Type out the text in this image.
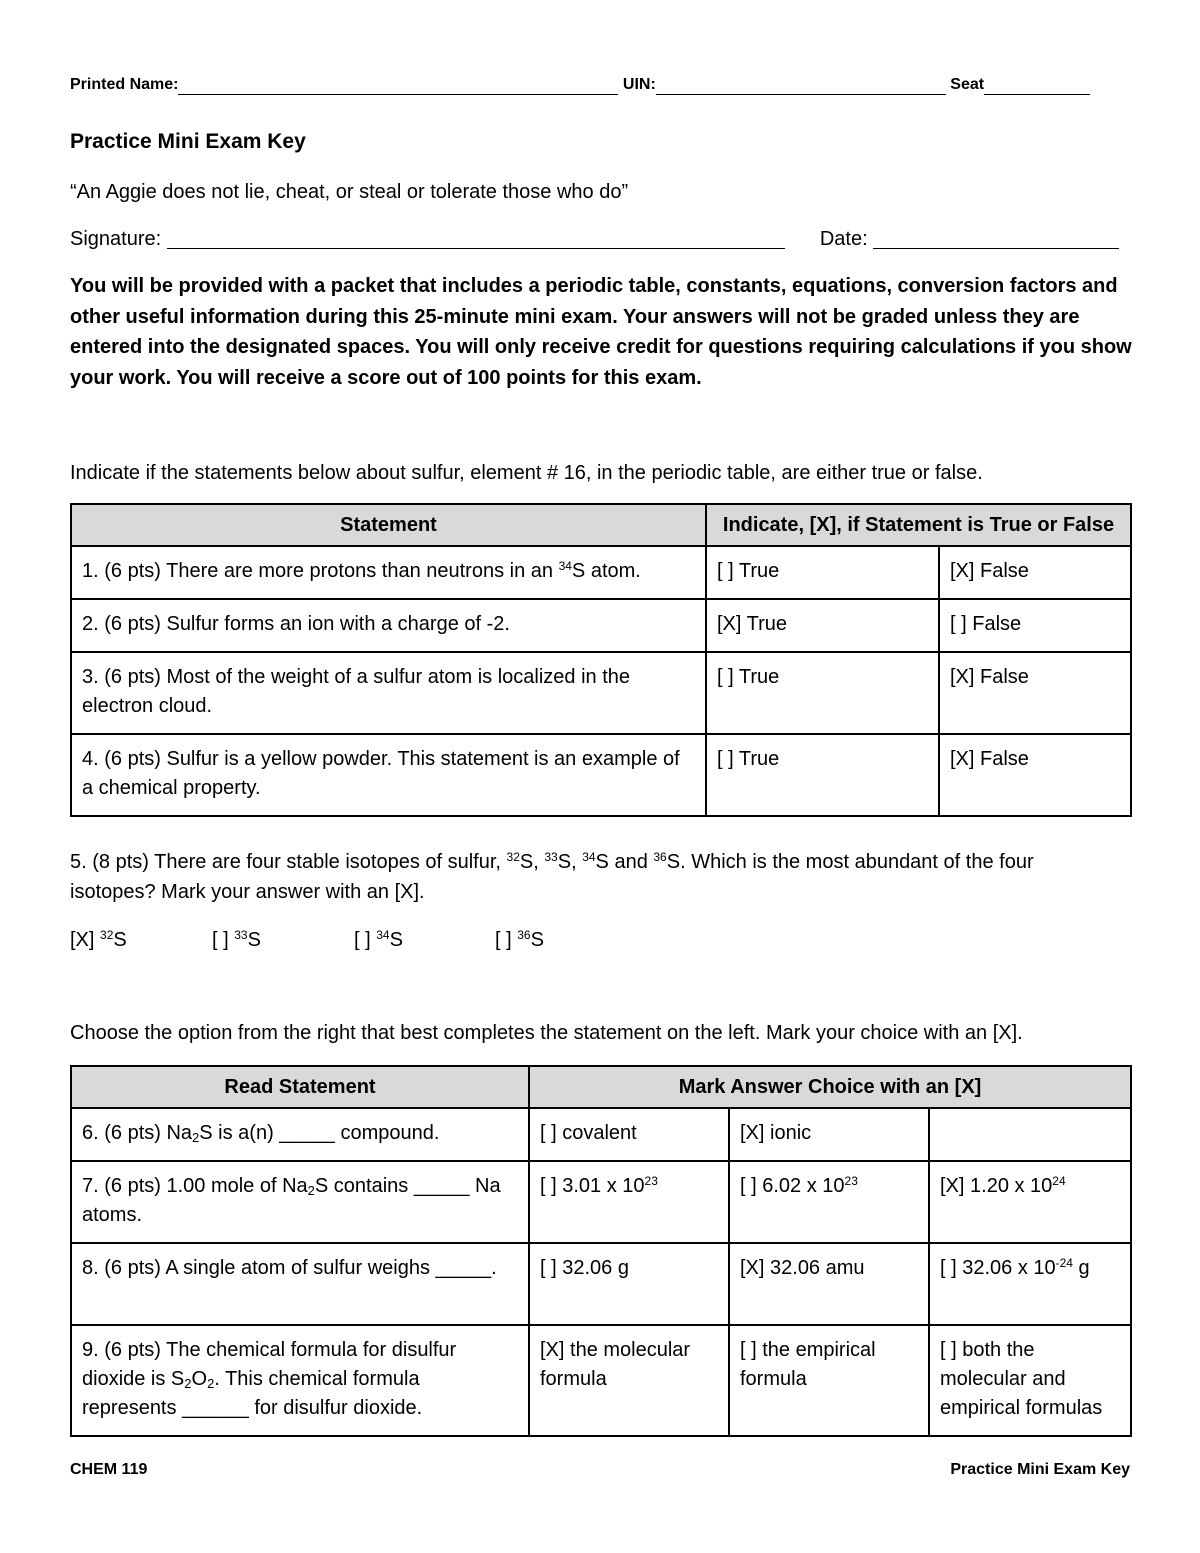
Printed Name:	UIN:	Seat
Practice Mini Exam Key
“An Aggie does not lie, cheat, or steal or tolerate those who do”
Signature:	Date:
You will be provided with a packet that includes a periodic table, constants, equations, conversion factors and other useful information during this 25-minute mini exam. Your answers will not be graded unless they are entered into the designated spaces. You will only receive credit for questions requiring calculations if you show your work. You will receive a score out of 100 points for this exam.
Indicate if the statements below about sulfur, element # 16, in the periodic table, are either true or false.
Statement	Indicate, [X], if Statement is True or False	
1. (6 pts) There are more protons than neutrons in an $^{34}$S atom.	[ ] True	[X] False
2. (6 pts) Sulfur forms an ion with a charge of -2.	[X] True	[ ] False
3. (6 pts) Most of the weight of a sulfur atom is localized in the electron cloud.	[ ] True	[X] False
4. (6 pts) Sulfur is a yellow powder. This statement is an example of a chemical property.	[ ] True	[X] False
5. (8 pts) There are four stable isotopes of sulfur, $^{32}$S, $^{33}$S, $^{34}$S and $^{36}$S. Which is the most abundant of the four
isotopes? Mark your answer with an [X].
[X] $^{32}$S	[ ] $^{33}$S	[ ] $^{34}$S	[ ] $^{36}$S
Choose the option from the right that best completes the statement on the left. Mark your choice with an [X].
Read Statement	Mark Answer Choice with an [X]		
6. (6 pts) $Na_2S$ is a(n) _____ compound.	[ ] covalent	[X] ionic	
7. (6 pts) 1.00 mole of $Na_2S$ contains _____ Na atoms.	[ ] 3.01 x $10^{23}$	[ ] 6.02 x $10^{23}$	[X] 1.20 x $10^{24}$
8. (6 pts) A single atom of sulfur weighs _____.	[ ] 32.06 g	[X] 32.06 amu	[ ] 32.06 x $10^{-24}$ g
9. (6 pts) The chemical formula for disulfur dioxide is $S_2O_2$. This chemical formula represents ______ for disulfur dioxide.	[X] the molecular formula	[ ] the empirical formula	[ ] both the molecular and empirical formulas
CHEM 119	Practice Mini Exam Key
